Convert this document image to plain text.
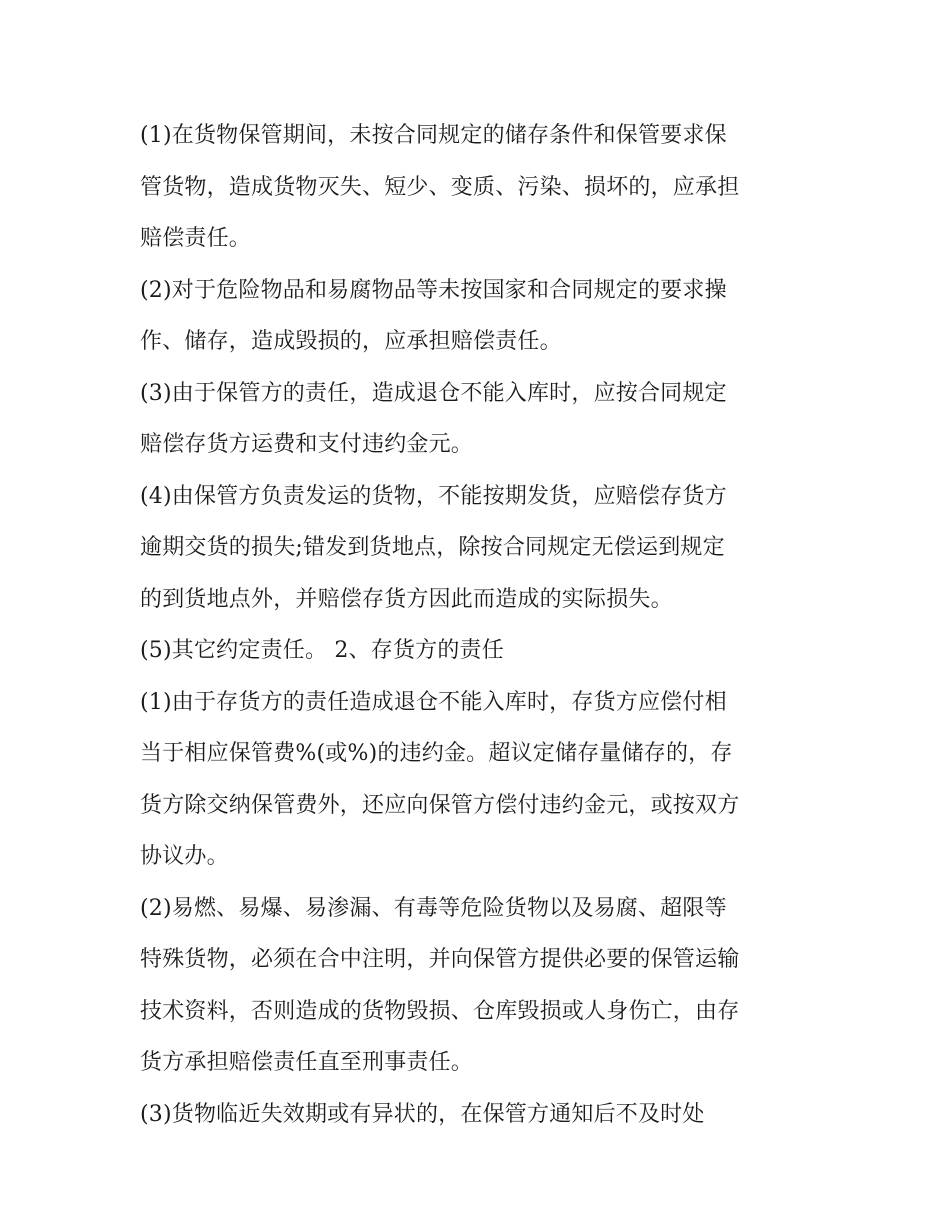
(1)在货物保管期间，未按合同规定的储存条件和保管要求保
管货物，造成货物灭失、短少、变质、污染、损坏的，应承担
赔偿责任。
(2)对于危险物品和易腐物品等未按国家和合同规定的要求操
作、储存，造成毁损的，应承担赔偿责任。
(3)由于保管方的责任，造成退仓不能入库时，应按合同规定
赔偿存货方运费和支付违约金元。
(4)由保管方负责发运的货物，不能按期发货，应赔偿存货方
逾期交货的损失;错发到货地点，除按合同规定无偿运到规定
的到货地点外，并赔偿存货方因此而造成的实际损失。
(5)其它约定责任。 2、存货方的责任
(1)由于存货方的责任造成退仓不能入库时，存货方应偿付相
当于相应保管费%(或%)的违约金。超议定储存量储存的，存
货方除交纳保管费外，还应向保管方偿付违约金元，或按双方
协议办。
(2)易燃、易爆、易渗漏、有毒等危险货物以及易腐、超限等
特殊货物，必须在合中注明，并向保管方提供必要的保管运输
技术资料，否则造成的货物毁损、仓库毁损或人身伤亡，由存
货方承担赔偿责任直至刑事责任。
(3)货物临近失效期或有异状的，在保管方通知后不及时处
